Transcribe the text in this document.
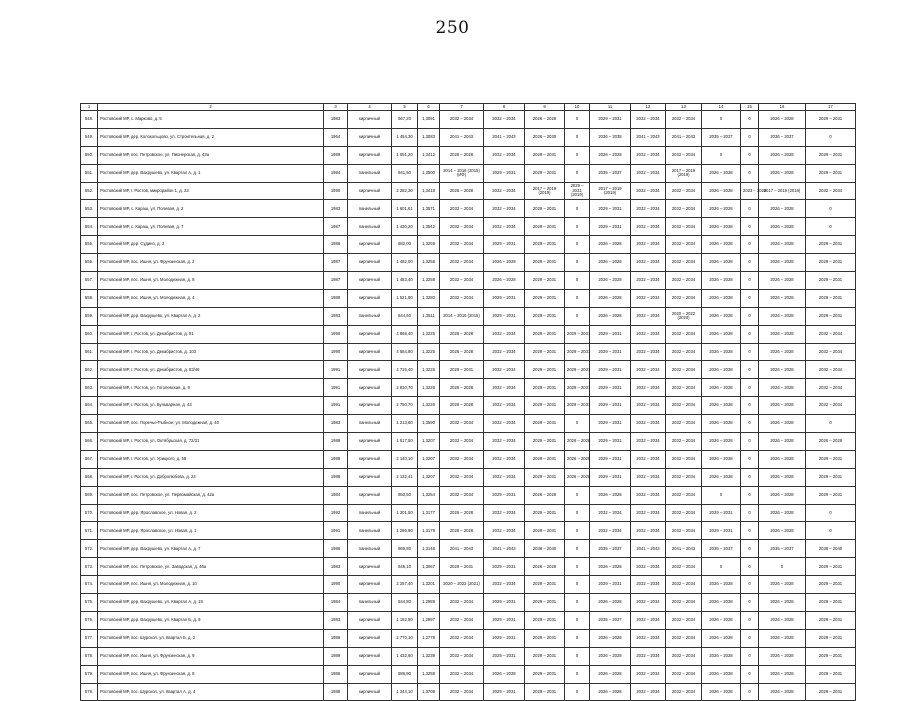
250
1	2	3	4	5	6	7	8	9	10	11	12	13	14	15	16	17
548.	Ростовский МР, с. Марково, д. 5	1983	кирпичный	567,20	1,3091	2032 – 2034	2032 – 2034	2026 – 2028	0	2029 – 2031	2032 – 2034	2032 – 2034	0	0	2026 – 2028	2029 – 2031
549.	Ростовский МР, дер. Колокольцово, ул. Строительная, д. 2	1964	кирпичный	1 454,30	1,3083	2041 – 2043	2041 – 2043	2026 – 2030	0	2036 – 2038	2041 – 2043	2041 – 2043	2035 – 2037	0	2036 – 2037	0
550.	Ростовский МР, пос. Петровское, ул. Пионерская, д. 43а	1989	кирпичный	1 051,20	1,3412	2026 – 2028	2032 – 2034	2029 – 2031	0	2026 – 2028	2032 – 2034	2032 – 2034	0	0	2026 – 2028	2029 – 2031
551.	Ростовский МР, дер. Вахрушево, ул. Квартал А, д. 1	1984	панельный	841,50	1,3500	2014 – 2016 (2015)(ИФ)	2029 – 2031	2029 – 2031	0	2035 – 2037	2032 – 2034	2017 – 2019 (2019)	2026 – 2028	0	2026 – 2028	2029 – 2031
552.	Ростовский МР, г. Ростов, микрорайон 1, д. 33	1990	кирпичный	2 282,30	1,3418	2026 – 2028	2032 – 2034	2017 – 2019 (2019)	2029 – 2031 (2019)	2017 – 2019 (2019)	2032 – 2034	2032 – 2034	2026 – 2028	2023 – 2025	2017 – 2019 (2019)	2032 – 2034
553.	Ростовский МР, с. Караш, ул. Полевая, д. 2	1983	панельный	1 601,61	1,3571	2032 – 2034	2032 – 2034	2029 – 2031	0	2029 – 2031	2032 – 2034	2032 – 2034	2026 – 2028	0	2026 – 2028	0
554.	Ростовский МР, с. Караш, ул. Полевая, д. 7	1987	панельный	1 430,20	1,3542	2032 – 2034	2032 – 2034	2029 – 2031	0	2029 – 2031	2032 – 2034	2032 – 2034	2026 – 2028	0	2026 – 2028	0
555.	Ростовский МР, дер. Судино, д. 3	1986	кирпичный	682,00	1,3259	2032 – 2034	2029 – 2031	2029 – 2031	0	2026 – 2028	2032 – 2034	2032 – 2034	2026 – 2028	0	2026 – 2028	2029 – 2031
556.	Ростовский МР, пос. Ишня, ул. Фрунзенская, д. 2	1987	кирпичный	1 482,00	1,3258	2032 – 2034	2026 – 2028	2029 – 2031	0	2026 – 2028	2032 – 2034	2032 – 2034	2026 – 2028	0	2026 – 2028	2029 – 2031
557.	Ростовский МР, пос. Ишня, ул. Молодежная, д. 8	1987	кирпичный	1 483,40	1,3258	2032 – 2034	2026 – 2028	2029 – 2031	0	2026 – 2028	2032 – 2034	2032 – 2034	2026 – 2028	0	2026 – 2028	2029 – 2031
558.	Ростовский МР, пос. Ишня, ул. Молодежная, д. 4	1989	кирпичный	1 521,80	1,3280	2032 – 2034	2029 – 2031	2029 – 2031	0	2026 – 2028	2032 – 2034	2032 – 2034	2026 – 2028	0	2026 – 2028	2029 – 2031
559.	Ростовский МР, дер. Вахрушево, ул. Квартал А, д. 2	1983	панельный	844,60	1,3511	2014 – 2016 (2015)	2029 – 2031	2029 – 2031	0	2026 – 2028	2032 – 2034	2020 – 2022 (2020)	2026 – 2028	0	2026 – 2028	2029 – 2031
560.	Ростовский МР, г. Ростов, ул. Декабристов, д. 81	1990	кирпичный	4 868,40	1,3225	2026 – 2028	2032 – 2034	2029 – 2031	2029 – 2031	2029 – 2031	2032 – 2034	2032 – 2034	2026 – 2028	0	2026 – 2028	2032 – 2034
561.	Ростовский МР, г. Ростов, ул. Декабристов, д. 103	1990	кирпичный	4 584,80	1,3225	2026 – 2028	2032 – 2034	2029 – 2031	2029 – 2031	2029 – 2031	2032 – 2034	2032 – 2034	2026 – 2028	0	2026 – 2028	2032 – 2034
562.	Ростовский МР, г. Ростов, ул. Декабристов, д. 83/46	1991	кирпичный	4 715,40	1,3226	2029 – 2031	2032 – 2034	2029 – 2031	2029 – 2031	2029 – 2031	2032 – 2034	2032 – 2034	2026 – 2028	0	2026 – 2028	2032 – 2034
563.	Ростовский МР, г. Ростов, ул. Гоголевская, д. 9	1991	кирпичный	2 810,70	1,3226	2026 – 2028	2032 – 2034	2029 – 2031	2029 – 2031	2029 – 2031	2032 – 2034	2032 – 2034	2026 – 2028	0	2026 – 2028	2032 – 2034
564.	Ростовский МР, г. Ростов, ул. Бульварная, д. 43	1991	кирпичный	2 750,70	1,3226	2026 – 2028	2032 – 2034	2029 – 2031	2029 – 2031	2029 – 2031	2032 – 2034	2032 – 2034	2026 – 2028	0	2026 – 2028	2032 – 2034
565.	Ростовский МР, пос. Поречье-Рыбное, ул. Молодежная, д. 40	1983	панельный	1 213,60	1,3590	2032 – 2034	2032 – 2034	2029 – 2031	0	2029 – 2031	2032 – 2034	2032 – 2034	2026 – 2028	0	2026 – 2028	0
566.	Ростовский МР, г. Ростов, ул. Октябрьская, д. 72/31	1988	кирпичный	1 517,50	1,3207	2032 – 2034	2032 – 2034	2029 – 2031	2026 – 2028	2029 – 2031	2032 – 2034	2032 – 2034	2026 – 2028	0	2026 – 2028	2026 – 2028
567.	Ростовский МР, г. Ростов, ул. Урицкого, д. 58	1988	кирпичный	2 140,10	1,3207	2032 – 2034	2032 – 2034	2029 – 2031	2026 – 2028	2029 – 2031	2032 – 2034	2032 – 2034	2026 – 2028	0	2026 – 2028	2029 – 2031
568.	Ростовский МР, г. Ростов, ул. Добролюбова, д. 23	1988	кирпичный	2 132,41	1,3207	2032 – 2034	2032 – 2034	2029 – 2031	2026 – 2028	2029 – 2031	2032 – 2034	2032 – 2034	2026 – 2028	0	2026 – 2028	2029 – 2031
569.	Ростовский МР, пос. Петровское, ул. Первомайская, д. 42а	1984	кирпичный	850,50	1,3254	2032 – 2034	2029 – 2031	2026 – 2028	0	2026 – 2028	2032 – 2034	2032 – 2034	0	0	2026 – 2028	2029 – 2031
570.	Ростовский МР, дер. Ярославское, ул. Новая, д. 2	1992	панельный	1 301,50	1,3177	2026 – 2028	2032 – 2034	2029 – 2031	0	2032 – 2034	2032 – 2034	2032 – 2034	2029 – 2031	0	2026 – 2028	0
571.	Ростовский МР, дер. Ярославское, ул. Новая, д. 1	1991	панельный	1 286,90	1,3179	2026 – 2028	2032 – 2034	2029 – 2031	0	2032 – 2034	2032 – 2034	2032 – 2034	2029 – 2031	0	2026 – 2028	0
572.	Ростовский МР, дер. Вахрушево, ул. Квартал А, д. 7	1986	панельный	869,80	1,3148	2041 – 2043	2041 – 2043	2038 – 2040	0	2035 – 2037	2041 – 2043	2041 – 2043	2035 – 2037	0	2035 – 2037	2038 – 2040
573.	Ростовский МР, пос. Петровское, ул. Заводская, д. 46а	1983	кирпичный	846,10	1,3067	2029 – 2031	2029 – 2031	2026 – 2028	0	2026 – 2028	2032 – 2034	2032 – 2034	0	0	0	2029 – 2031
574.	Ростовский МР, пос. Ишня, ул. Молодежная, д. 10	1990	кирпичный	2 257,40	1,3201	2020 – 2022 (2021)	2032 – 2034	2029 – 2031	0	2029 – 2031	2032 – 2034	2032 – 2034	2026 – 2028	0	2026 – 2028	2029 – 2031
575.	Ростовский МР, дер. Вахрушево, ул. Квартал А, д. 19	1984	панельный	844,80	1,2989	2032 – 2034	2029 – 2031	2029 – 2031	0	2026 – 2028	2032 – 2034	2032 – 2034	2026 – 2028	0	2026 – 2028	2029 – 2031
576.	Ростовский МР, дер. Вахрушево, ул. Квартал Б, д. 9	1983	кирпичный	1 152,80	1,2997	2032 – 2034	2029 – 2031	2029 – 2031	0	2035 – 2037	2032 – 2034	2032 – 2034	2026 – 2028	0	2026 – 2028	2029 – 2031
577.	Ростовский МР, пос. Шурскол, ул. Квартал Б, д. 2	1986	кирпичный	2 770,10	1,2778	2032 – 2034	2029 – 2031	2029 – 2031	0	2026 – 2028	2032 – 2034	2032 – 2034	2026 – 2028	0	2026 – 2028	2029 – 2031
578.	Ростовский МР, пос. Ишня, ул. Фрунзенская, д. 9	1989	кирпичный	1 432,60	1,3239	2032 – 2034	2029 – 2031	2029 – 2031	0	2026 – 2028	2032 – 2034	2032 – 2034	2026 – 2028	0	2026 – 2028	2029 – 2031
579.	Ростовский МР, пос. Ишня, ул. Фрунзенская, д. 8	1986	кирпичный	886,90	1,3259	2032 – 2034	2026 – 2028	2029 – 2031	0	2026 – 2028	2032 – 2034	2032 – 2034	2026 – 2028	0	2026 – 2028	2029 – 2031
578.	Ростовский МР, пос. Шурскол, ул. Квартал А, д. 4	1988	кирпичный	1 344,10	1,3709	2032 – 2034	2029 – 2031	2029 – 2031	0	2026 – 2028	2032 – 2034	2032 – 2034	2026 – 2028	0	2026 – 2028	2029 – 2031
